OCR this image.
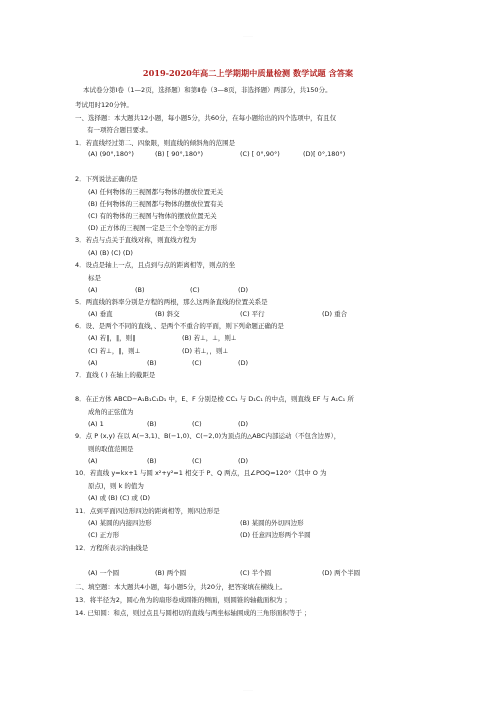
··········
2019-2020年高二上学期期中质量检测 数学试题 含答案
本试卷分第Ⅰ卷（1—2页，选择题）和第Ⅱ卷（3—8页，非选择题）两部分，共150分。
考试用时120分钟。
一、选择题：本大题共12小题，每小题5分，共60分，在每小题给出的四个选项中，有且仅
有一项符合题目要求。
1．若直线经过第二、四象限，则直线的倾斜角的范围是
2．下列说法正确的是
(A) 任何物体的三视图都与物体的摆放位置无关
(B) 任何物体的三视图都与物体的摆放位置有关
(C) 有的物体的三视图与物体的摆放位置无关
(D) 正方体的三视图一定是三个全等的正方形
3．若点与点关于直线对称，则直线方程为
(A) (B) (C) (D)
4．设点是轴上一点，且点到与点的距离相等，则点的坐
标是
5．两直线的斜率分别是方程的两根，那么这两条直线的位置关系是
6．设、是两个不同的直线，、是两个不重合的平面，则下列命题正确的是
7．直线 ( ) 在轴上的截距是
8．在正方体 ABCD−A₁B₁C₁D₁ 中，E、F 分别是棱 CC₁ 与 D₁C₁ 的中点，则直线 EF 与 A₁C₁ 所
成角的正弦值为
9．点 P (x,y) 在以 A(−3,1)、B(−1,0)、C(−2,0)为顶点的△ABC内部运动（不包含边界），
则的取值范围是
10．若直线 y=kx+1 与圆 x²+y²=1 相交于 P、Q 两点，且∠POQ=120°（其中 O 为
原点)，则 k 的值为
(A) 或 (B) (C) 或 (D)
11．点到平面四边形四边的距离相等，则四边形是
12．方程所表示的曲线是
二、填空题：本大题共4小题，每小题5分，共20分，把答案填在横线上。
13．将半径为2，圆心角为的扇形卷成圆锥的侧面，则圆锥的轴截面积为 ；
14. 已知圆：和点，则过点且与圆相切的直线与两坐标轴围成的三角形面积等于 ；
(A) (90°,180°)	(B) [ 90°,180°)	(C) [ 0°,90°)	(D)[ 0°,180°)
(A)	(B)	(C)	(D)
(A) 垂直	(B) 斜交	(C) 平行	(D) 重合
(A) 若∥，∥，则∥	(B) 若⊥，⊥，则⊥
(C) 若⊥，∥，则⊥	(D) 若⊥，，则⊥
(A)	(B)	(C)	(D)
(A) 1	(B)	(C)	(D)
(A)	(B)	(C)	(D)
(A) 某圆的内接四边形	(B) 某圆的外切四边形
(C) 正方形	(D) 任意四边形两个半圆
(A) 一个圆	(B) 两个圆	(C) 半个圆	(D) 两个半圆
··········
